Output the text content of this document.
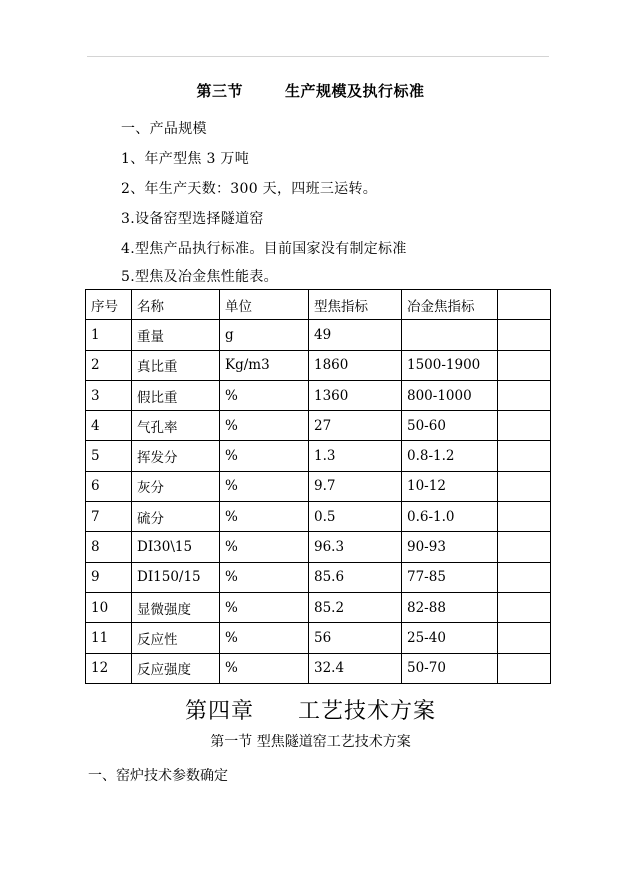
第三节	生产规模及执行标准
一、产品规模
1、年产型焦 3 万吨
2、年生产天数：300 天，四班三运转。
3.设备窑型选择隧道窑
4.型焦产品执行标准。目前国家没有制定标准
5.型焦及冶金焦性能表。
序号	名称	单位	型焦指标	冶金焦指标	
1	重量	g	49		
2	真比重	Kg/m3	1860	1500-1900	
3	假比重	%	1360	800-1000	
4	气孔率	%	27	50-60	
5	挥发分	%	1.3	0.8-1.2	
6	灰分	%	9.7	10-12	
7	硫分	%	0.5	0.6-1.0	
8	DI30\15	%	96.3	90-93	
9	DI150/15	%	85.6	77-85	
10	显微强度	%	85.2	82-88	
11	反应性	%	56	25-40	
12	反应强度	%	32.4	50-70	
第四章 工艺技术方案
第一节 型焦隧道窑工艺技术方案
一、窑炉技术参数确定
